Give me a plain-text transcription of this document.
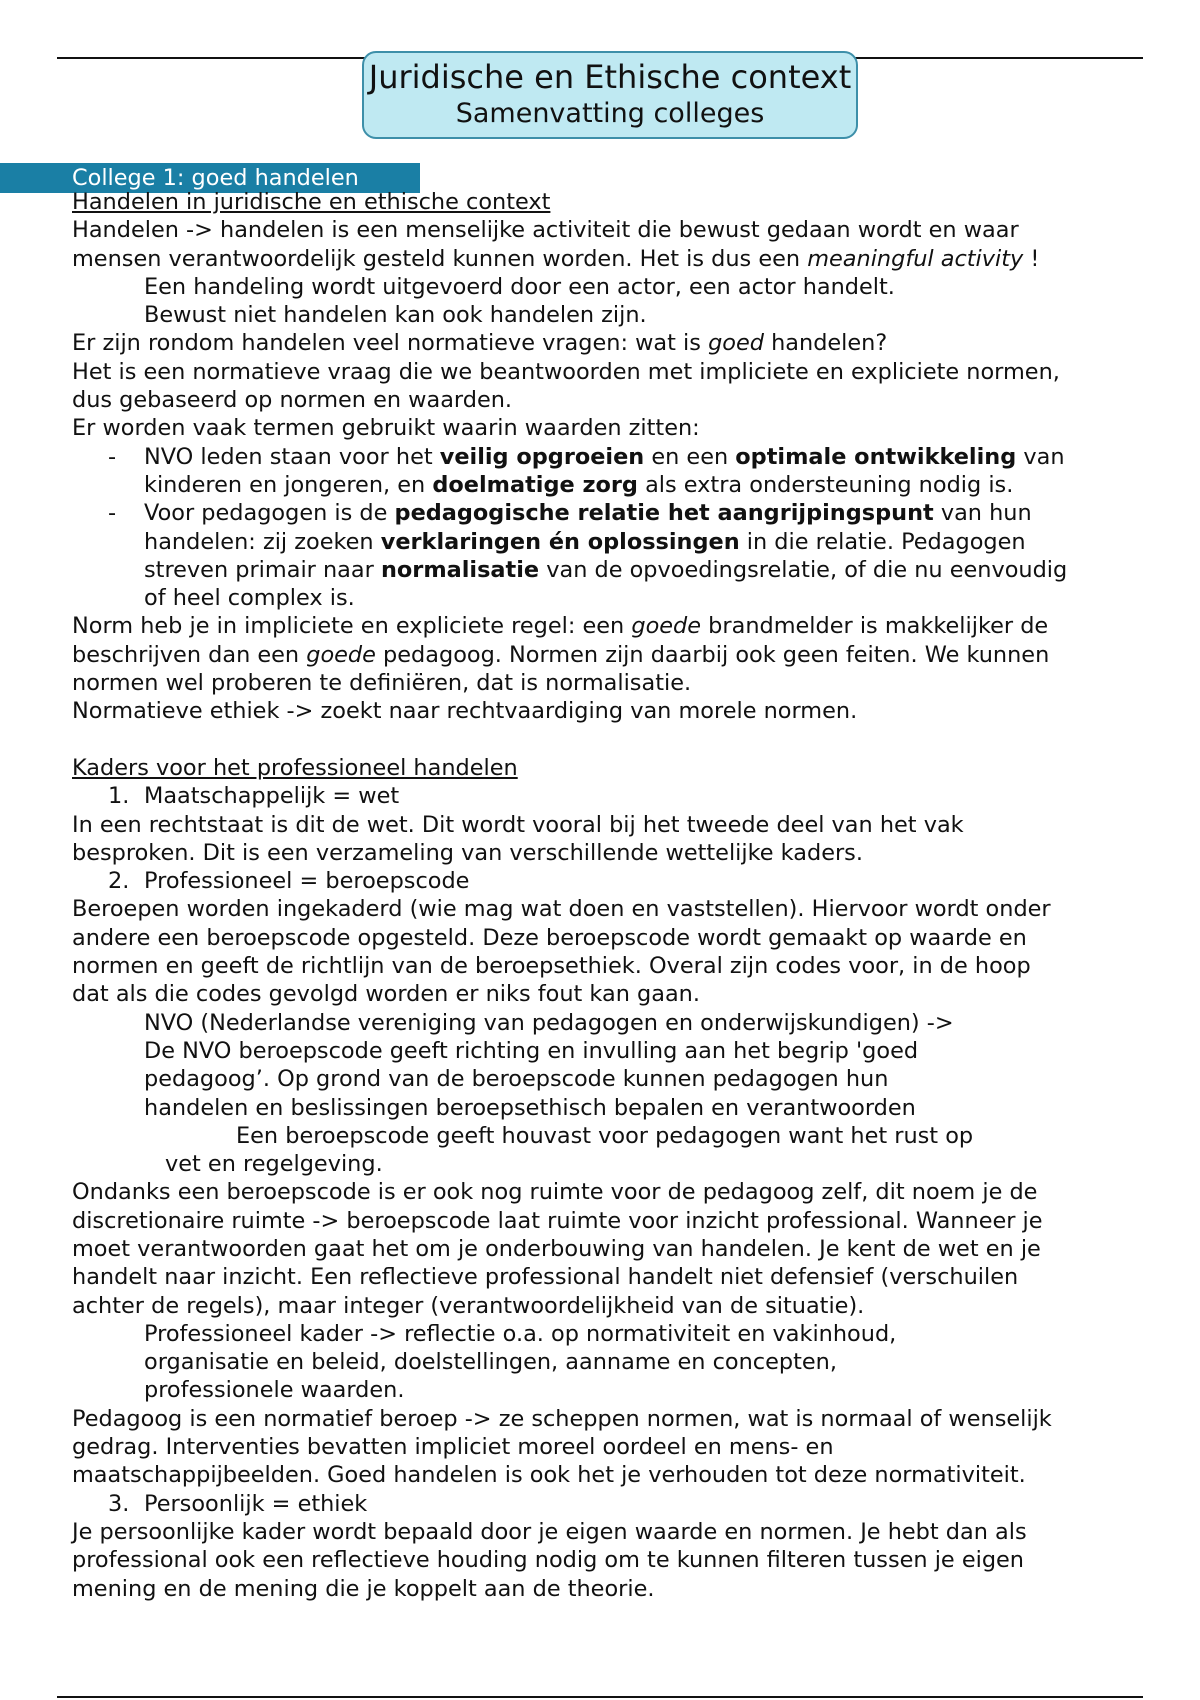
Juridische en Ethische context
Samenvatting colleges
College 1: goed handelen
Handelen in juridische en ethische context
Handelen -> handelen is een menselijke activiteit die bewust gedaan wordt en waar
mensen verantwoordelijk gesteld kunnen worden. Het is dus een meaningful activity !
Een handeling wordt uitgevoerd door een actor, een actor handelt.
Bewust niet handelen kan ook handelen zijn.
Er zijn rondom handelen veel normatieve vragen: wat is goed handelen?
Het is een normatieve vraag die we beantwoorden met impliciete en expliciete normen,
dus gebaseerd op normen en waarden.
Er worden vaak termen gebruikt waarin waarden zitten:
- NVO leden staan voor het veilig opgroeien en een optimale ontwikkeling van
kinderen en jongeren, en doelmatige zorg als extra ondersteuning nodig is.
- Voor pedagogen is de pedagogische relatie het aangrijpingspunt van hun
handelen: zij zoeken verklaringen én oplossingen in die relatie. Pedagogen
streven primair naar normalisatie van de opvoedingsrelatie, of die nu eenvoudig
of heel complex is.
Norm heb je in impliciete en expliciete regel: een goede brandmelder is makkelijker de
beschrijven dan een goede pedagoog. Normen zijn daarbij ook geen feiten. We kunnen
normen wel proberen te definiëren, dat is normalisatie.
Normatieve ethiek -> zoekt naar rechtvaardiging van morele normen.
Kaders voor het professioneel handelen
1. Maatschappelijk = wet
In een rechtstaat is dit de wet. Dit wordt vooral bij het tweede deel van het vak
besproken. Dit is een verzameling van verschillende wettelijke kaders.
2. Professioneel = beroepscode
Beroepen worden ingekaderd (wie mag wat doen en vaststellen). Hiervoor wordt onder
andere een beroepscode opgesteld. Deze beroepscode wordt gemaakt op waarde en
normen en geeft de richtlijn van de beroepsethiek. Overal zijn codes voor, in de hoop
dat als die codes gevolgd worden er niks fout kan gaan.
NVO (Nederlandse vereniging van pedagogen en onderwijskundigen) ->
De NVO beroepscode geeft richting en invulling aan het begrip 'goed
pedagoog’. Op grond van de beroepscode kunnen pedagogen hun
handelen en beslissingen beroepsethisch bepalen en verantwoorden
Een beroepscode geeft houvast voor pedagogen want het rust op
vet en regelgeving.
Ondanks een beroepscode is er ook nog ruimte voor de pedagoog zelf, dit noem je de
discretionaire ruimte -> beroepscode laat ruimte voor inzicht professional. Wanneer je
moet verantwoorden gaat het om je onderbouwing van handelen. Je kent de wet en je
handelt naar inzicht. Een reflectieve professional handelt niet defensief (verschuilen
achter de regels), maar integer (verantwoordelijkheid van de situatie).
Professioneel kader -> reflectie o.a. op normativiteit en vakinhoud,
organisatie en beleid, doelstellingen, aanname en concepten,
professionele waarden.
Pedagoog is een normatief beroep -> ze scheppen normen, wat is normaal of wenselijk
gedrag. Interventies bevatten impliciet moreel oordeel en mens- en
maatschappijbeelden. Goed handelen is ook het je verhouden tot deze normativiteit.
3. Persoonlijk = ethiek
Je persoonlijke kader wordt bepaald door je eigen waarde en normen. Je hebt dan als
professional ook een reflectieve houding nodig om te kunnen filteren tussen je eigen
mening en de mening die je koppelt aan de theorie.
